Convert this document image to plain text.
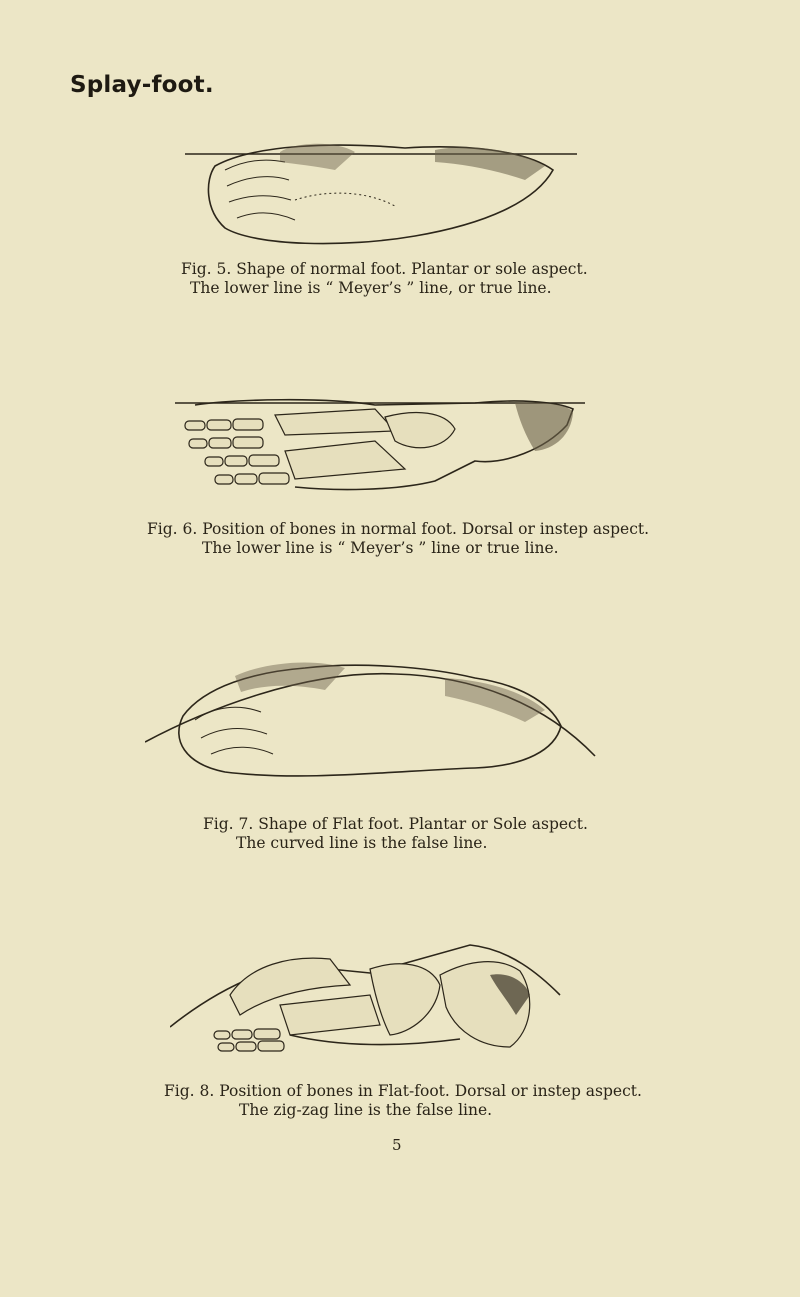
Splay-foot.
Fig. 5. Shape of normal foot. Plantar or sole aspect.
The lower line is “ Meyer’s ” line, or true line.
Fig. 6. Position of bones in normal foot. Dorsal or instep aspect.
The lower line is “ Meyer’s ” line or true line.
Fig. 7. Shape of Flat foot. Plantar or Sole aspect.
The curved line is the false line.
Fig. 8. Position of bones in Flat-foot. Dorsal or instep aspect.
The zig-zag line is the false line.
5
